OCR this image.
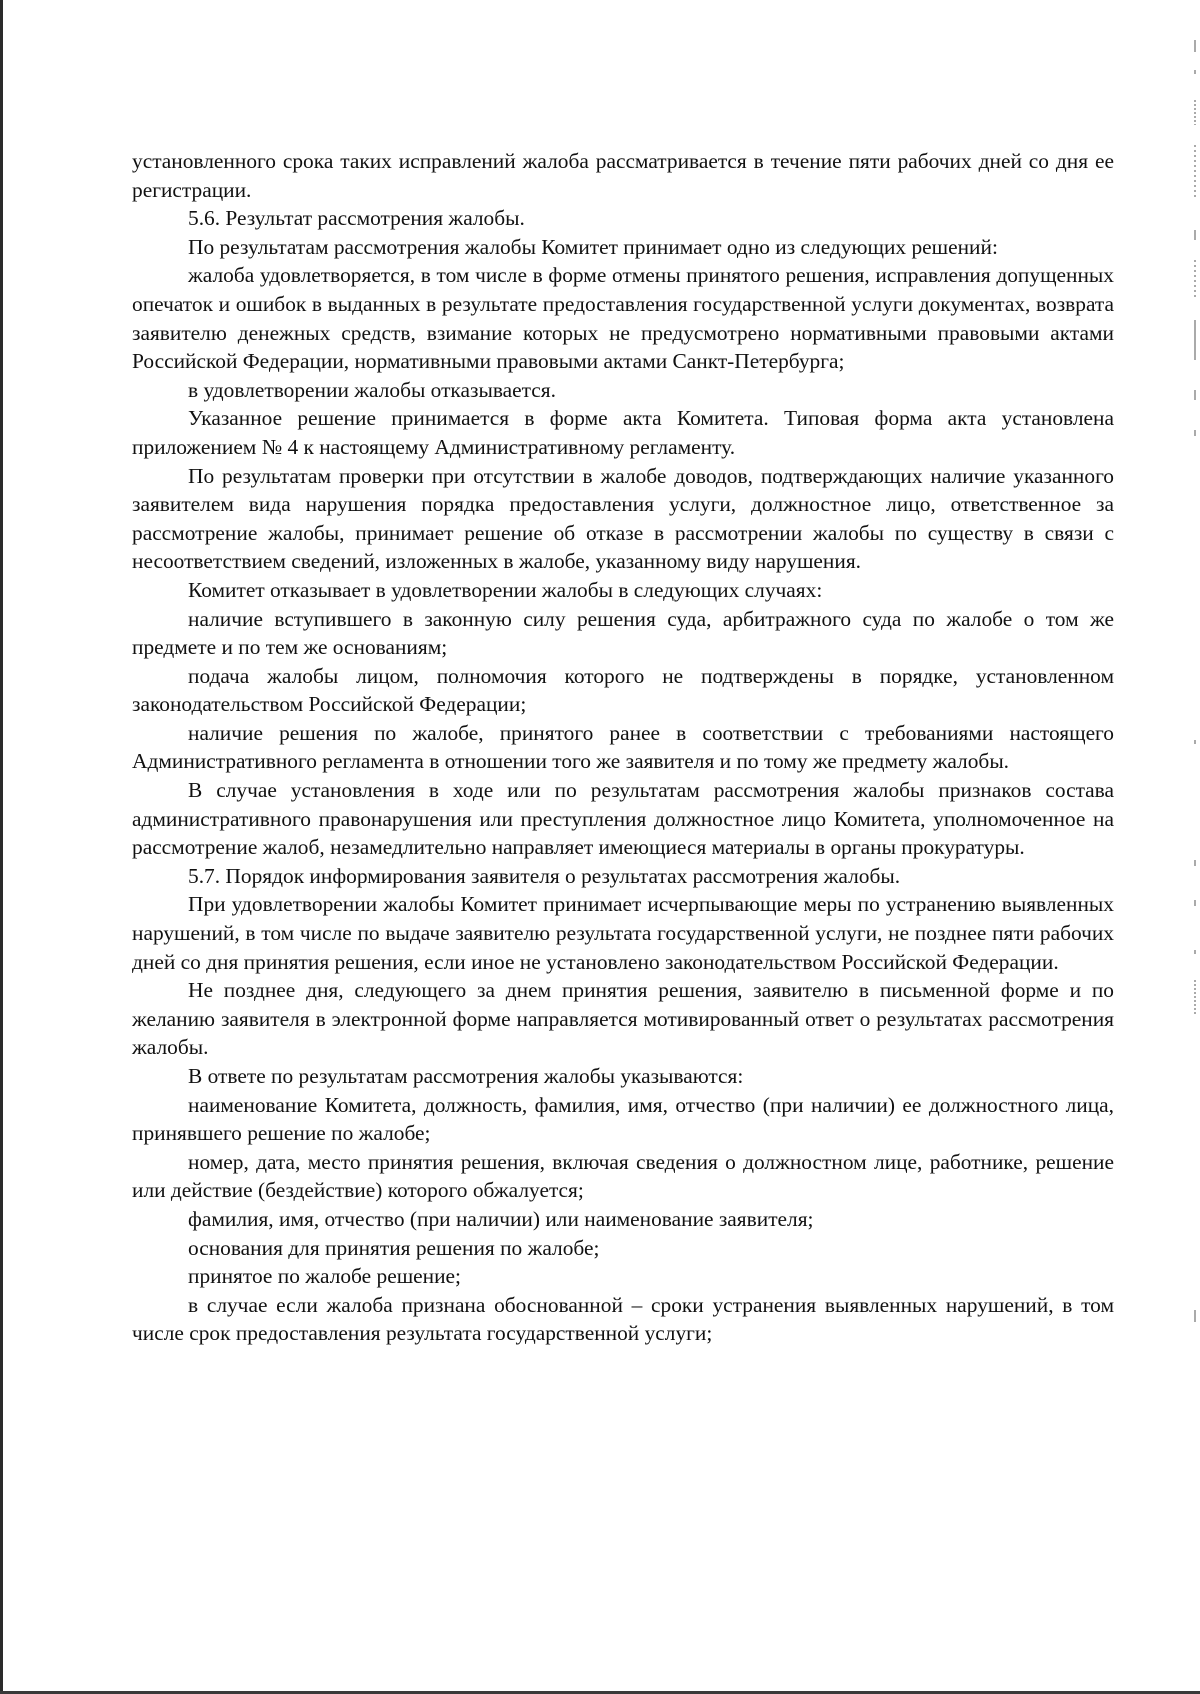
установленного срока таких исправлений жалоба рассматривается в течение пяти рабочих дней со дня ее регистрации.

5.6. Результат рассмотрения жалобы.

По результатам рассмотрения жалобы Комитет принимает одно из следующих решений:

жалоба удовлетворяется, в том числе в форме отмены принятого решения, исправления допущенных опечаток и ошибок в выданных в результате предоставления государственной услуги документах, возврата заявителю денежных средств, взимание которых не предусмотрено нормативными правовыми актами Российской Федерации, нормативными правовыми актами Санкт-Петербурга;

в удовлетворении жалобы отказывается.

Указанное решение принимается в форме акта Комитета. Типовая форма акта установлена приложением № 4 к настоящему Административному регламенту.

По результатам проверки при отсутствии в жалобе доводов, подтверждающих наличие указанного заявителем вида нарушения порядка предоставления услуги, должностное лицо, ответственное за рассмотрение жалобы, принимает решение об отказе в рассмотрении жалобы по существу в связи с несоответствием сведений, изложенных в жалобе, указанному виду нарушения.

Комитет отказывает в удовлетворении жалобы в следующих случаях:

наличие вступившего в законную силу решения суда, арбитражного суда по жалобе о том же предмете и по тем же основаниям;

подача жалобы лицом, полномочия которого не подтверждены в порядке, установленном законодательством Российской Федерации;

наличие решения по жалобе, принятого ранее в соответствии с требованиями настоящего Административного регламента в отношении того же заявителя и по тому же предмету жалобы.

В случае установления в ходе или по результатам рассмотрения жалобы признаков состава административного правонарушения или преступления должностное лицо Комитета, уполномоченное на рассмотрение жалоб, незамедлительно направляет имеющиеся материалы в органы прокуратуры.

5.7. Порядок информирования заявителя о результатах рассмотрения жалобы.

При удовлетворении жалобы Комитет принимает исчерпывающие меры по устранению выявленных нарушений, в том числе по выдаче заявителю результата государственной услуги, не позднее пяти рабочих дней со дня принятия решения, если иное не установлено законодательством Российской Федерации.

Не позднее дня, следующего за днем принятия решения, заявителю в письменной форме и по желанию заявителя в электронной форме направляется мотивированный ответ о результатах рассмотрения жалобы.

В ответе по результатам рассмотрения жалобы указываются:

наименование Комитета, должность, фамилия, имя, отчество (при наличии) ее должностного лица, принявшего решение по жалобе;

номер, дата, место принятия решения, включая сведения о должностном лице, работнике, решение или действие (бездействие) которого обжалуется;

фамилия, имя, отчество (при наличии) или наименование заявителя;

основания для принятия решения по жалобе;

принятое по жалобе решение;

в случае если жалоба признана обоснованной – сроки устранения выявленных нарушений, в том числе срок предоставления результата государственной услуги;
